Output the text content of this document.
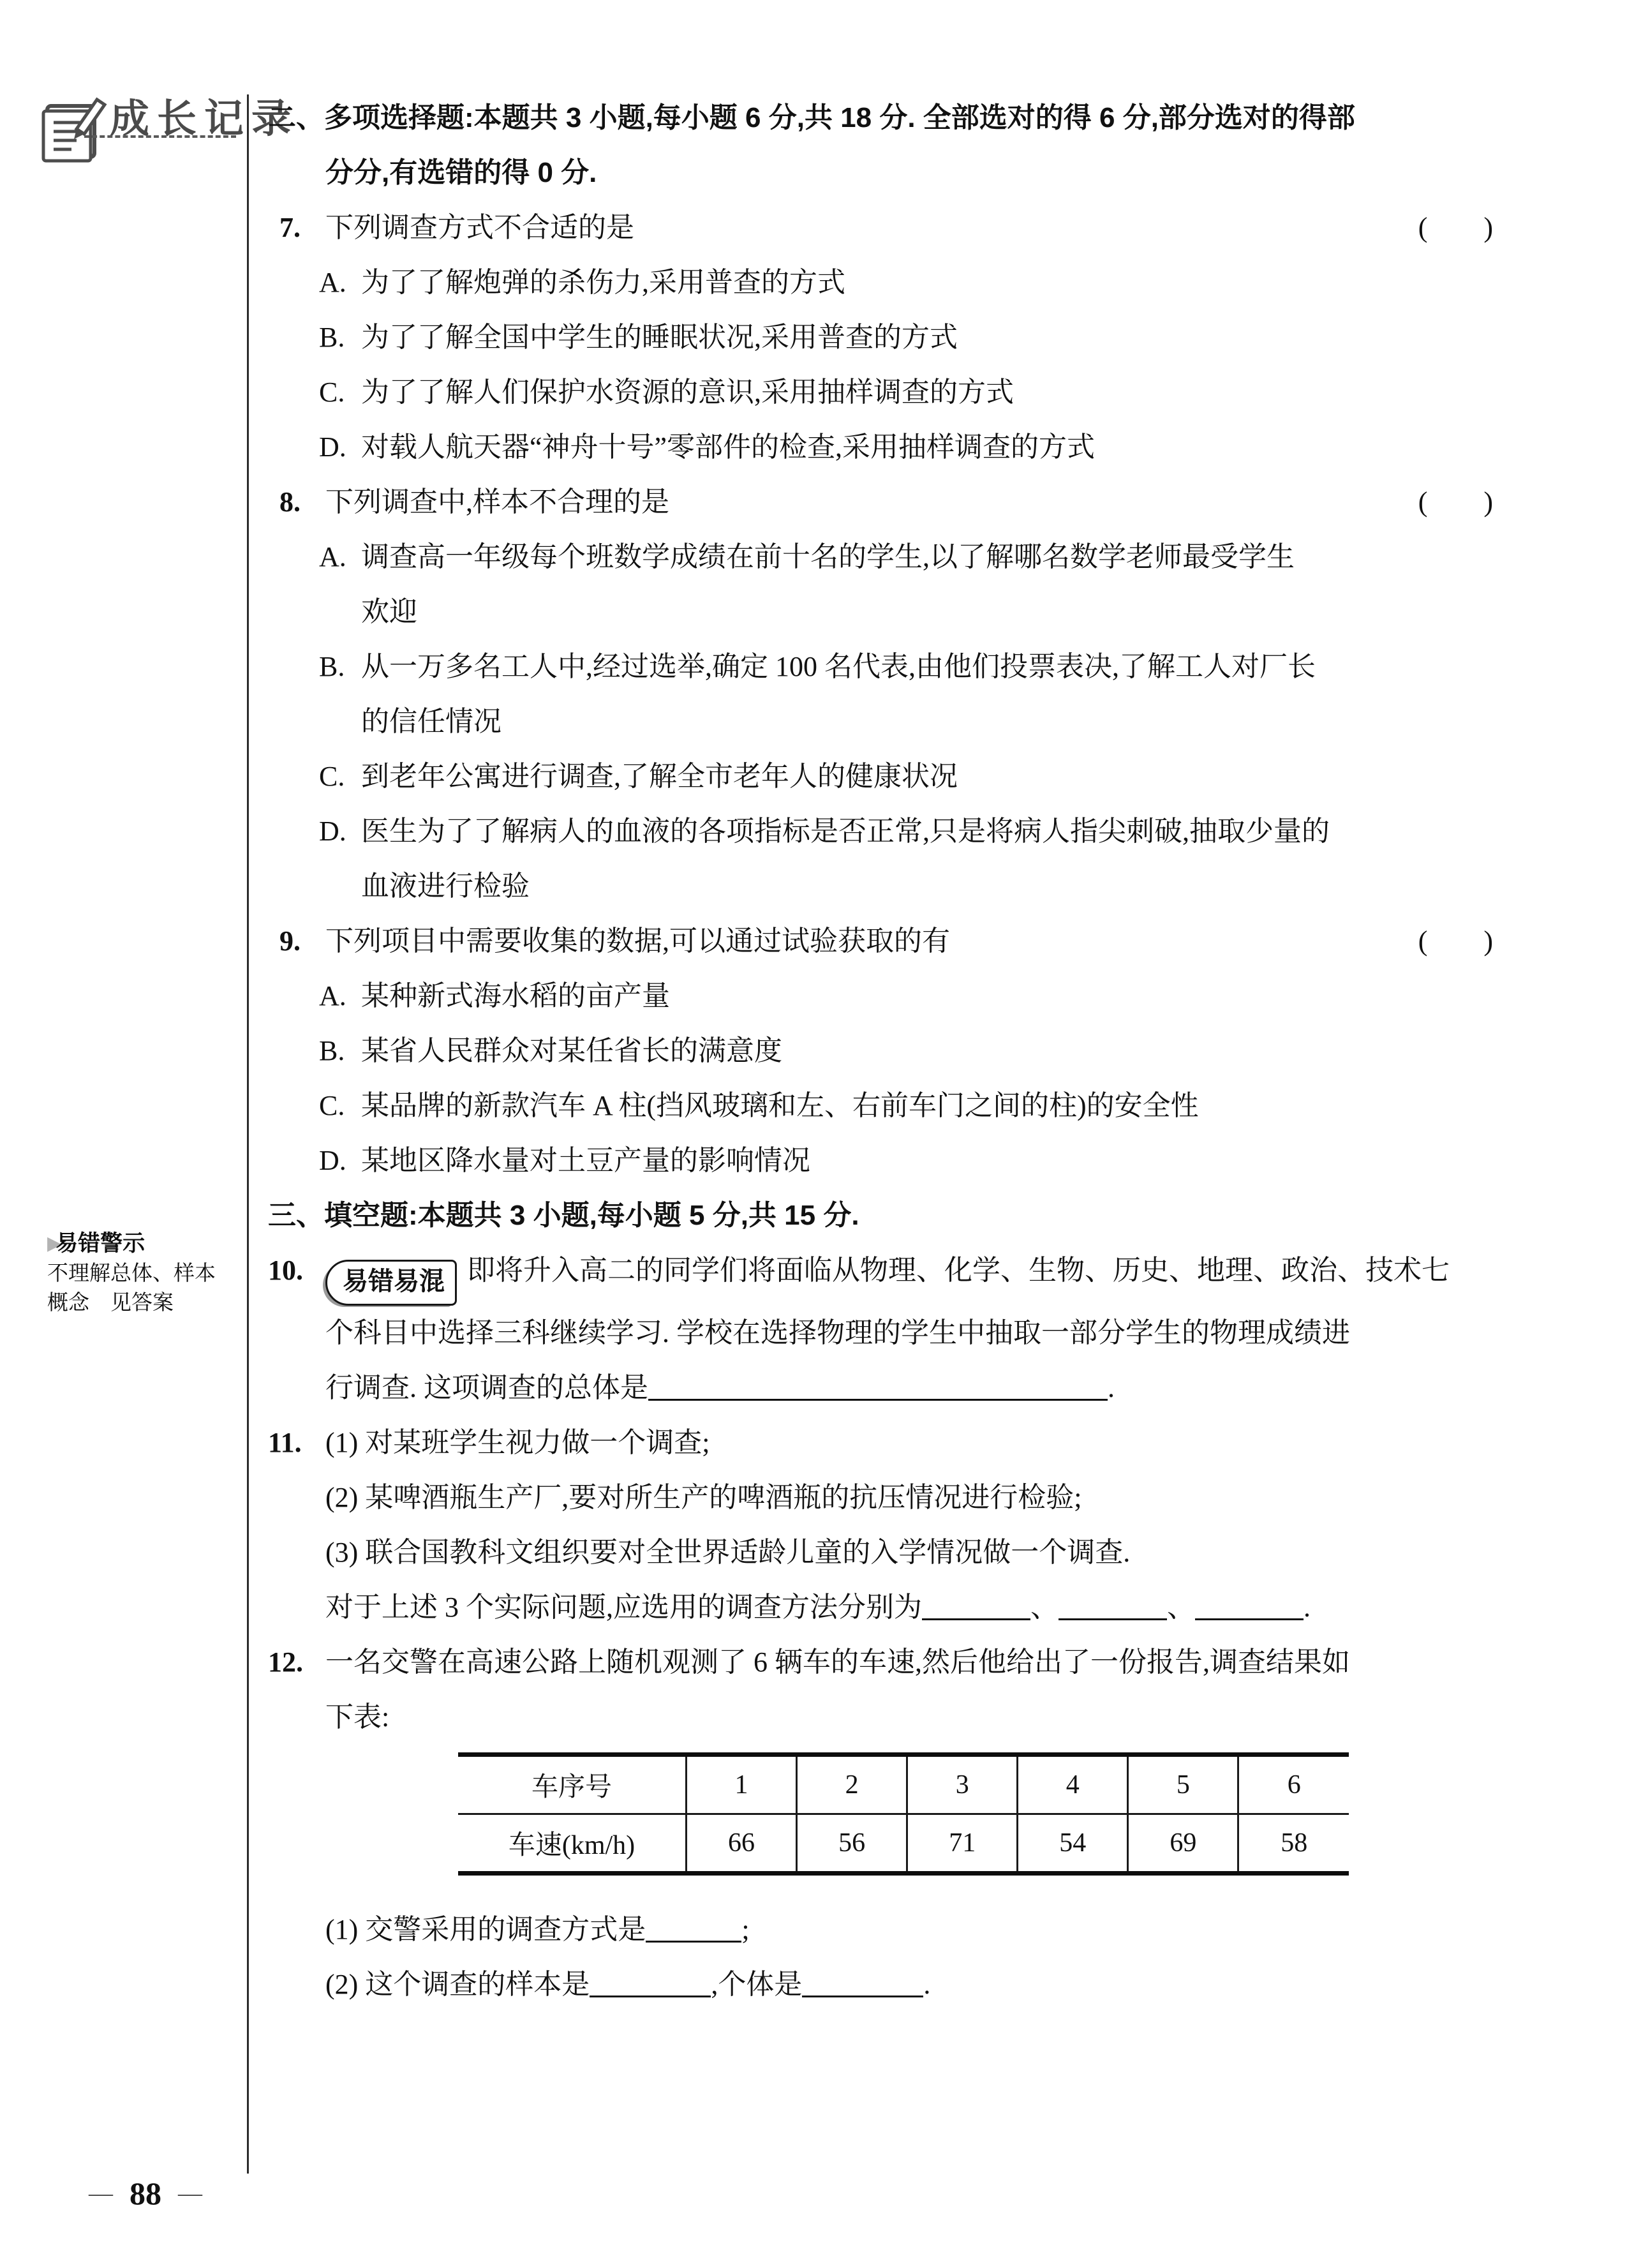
成长记录
▶ 易错警示
不理解总体、样本
概念　见答案
— 88 —
二、多项选择题:本题共 3 小题,每小题 6 分,共 18 分. 全部选对的得 6 分,部分选对的得部
分分,有选错的得 0 分.
(　　)
7. 下列调查方式不合适的是
A. 为了了解炮弹的杀伤力,采用普查的方式
B. 为了了解全国中学生的睡眠状况,采用普查的方式
C. 为了了解人们保护水资源的意识,采用抽样调查的方式
D. 对载人航天器“神舟十号”零部件的检查,采用抽样调查的方式
(　　)
8. 下列调查中,样本不合理的是
A. 调查高一年级每个班数学成绩在前十名的学生,以了解哪名数学老师最受学生
欢迎
B. 从一万多名工人中,经过选举,确定 100 名代表,由他们投票表决,了解工人对厂长
的信任情况
C. 到老年公寓进行调查,了解全市老年人的健康状况
D. 医生为了了解病人的血液的各项指标是否正常,只是将病人指尖刺破,抽取少量的
血液进行检验
(　　)
9. 下列项目中需要收集的数据,可以通过试验获取的有
A. 某种新式海水稻的亩产量
B. 某省人民群众对某任省长的满意度
C. 某品牌的新款汽车 A 柱(挡风玻璃和左、右前车门之间的柱)的安全性
D. 某地区降水量对土豆产量的影响情况
三、填空题:本题共 3 小题,每小题 5 分,共 15 分.
10. 易错易混 即将升入高二的同学们将面临从物理、化学、生物、历史、地理、政治、技术七
个科目中选择三科继续学习. 学校在选择物理的学生中抽取一部分学生的物理成绩进
行调查. 这项调查的总体是	.
11. (1) 对某班学生视力做一个调查;
(2) 某啤酒瓶生产厂,要对所生产的啤酒瓶的抗压情况进行检验;
(3) 联合国教科文组织要对全世界适龄儿童的入学情况做一个调查.
对于上述 3 个实际问题,应选用的调查方法分别为	、	、	.
12. 一名交警在高速公路上随机观测了 6 辆车的车速,然后他给出了一份报告,调查结果如
下表:
车序号	1	2	3	4	5	6
车速(km/h)	66	56	71	54	69	58
(1) 交警采用的调查方式是	;
(2) 这个调查的样本是	,个体是	.
